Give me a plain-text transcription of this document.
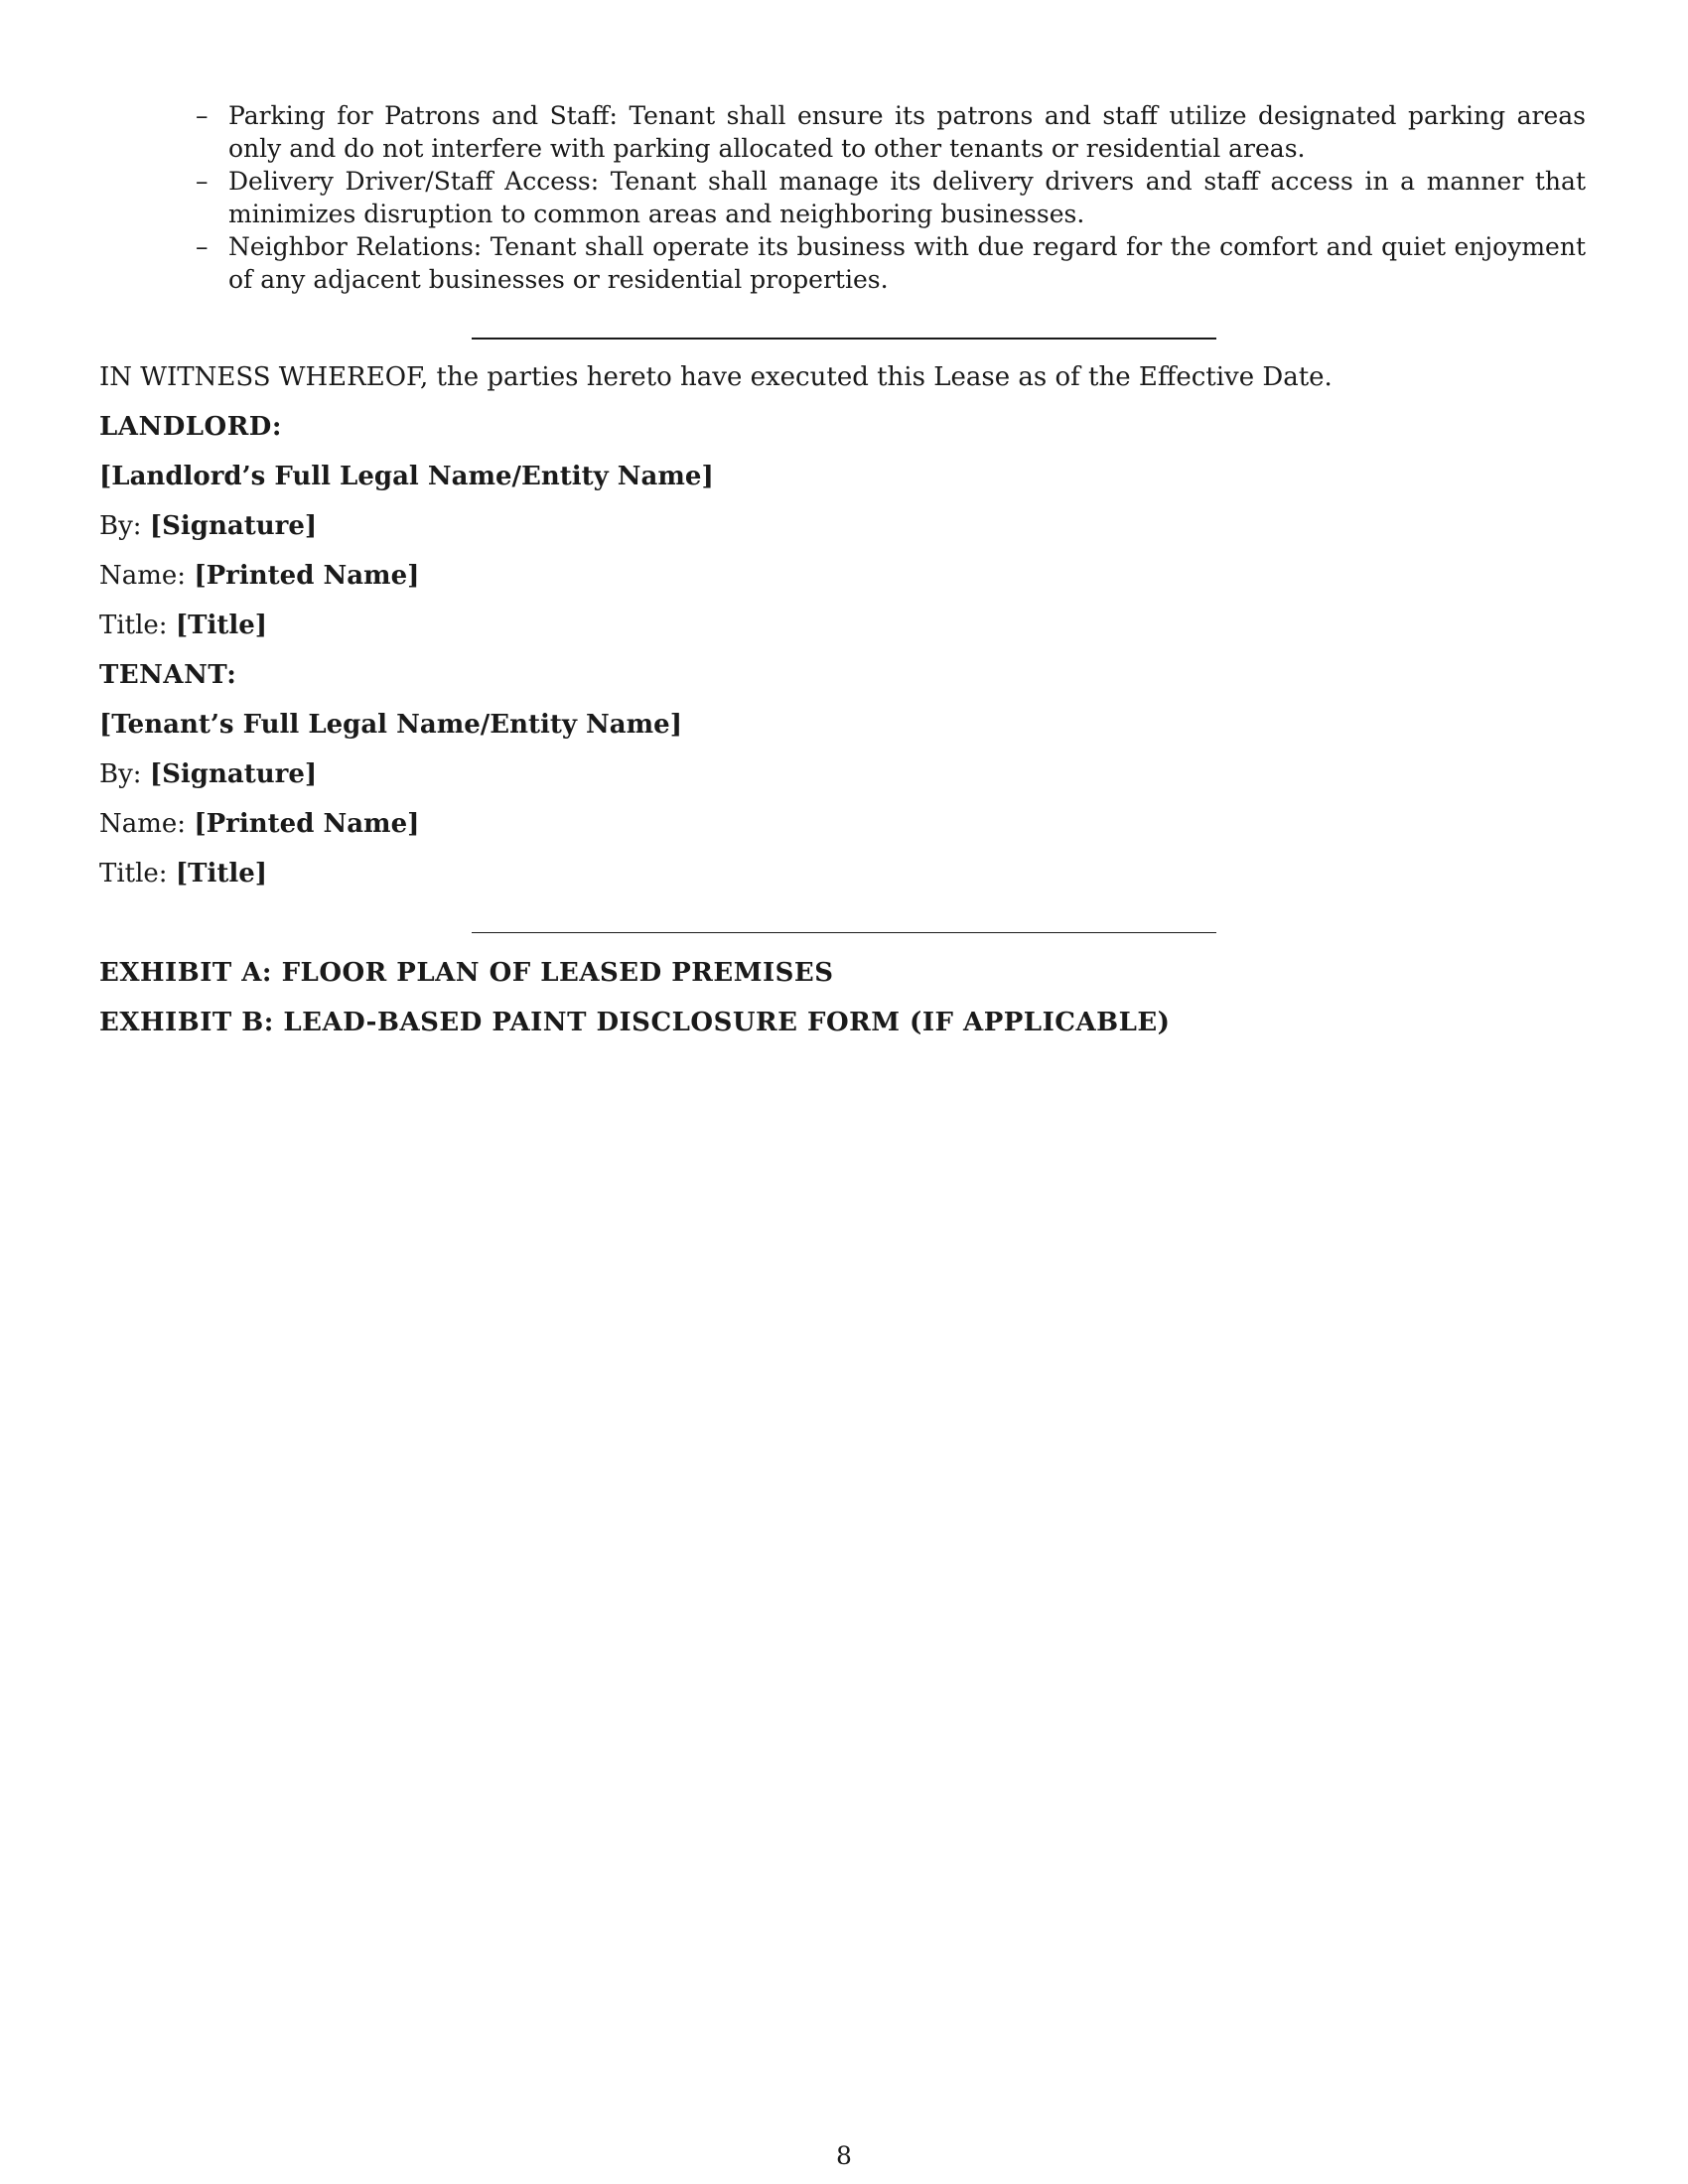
– Parking for Patrons and Staff: Tenant shall ensure its patrons and staff utilize designated parking areas only and do not interfere with parking allocated to other tenants or residential areas.
– Delivery Driver/Staff Access: Tenant shall manage its delivery drivers and staff access in a manner that minimizes disruption to common areas and neighboring businesses.
– Neighbor Relations: Tenant shall operate its business with due regard for the comfort and quiet enjoyment of any adjacent businesses or residential properties.
IN WITNESS WHEREOF, the parties hereto have executed this Lease as of the Effective Date.
LANDLORD:
[Landlord’s Full Legal Name/Entity Name]
By: [Signature]
Name: [Printed Name]
Title: [Title]
TENANT:
[Tenant’s Full Legal Name/Entity Name]
By: [Signature]
Name: [Printed Name]
Title: [Title]
EXHIBIT A: FLOOR PLAN OF LEASED PREMISES
EXHIBIT B: LEAD-BASED PAINT DISCLOSURE FORM (IF APPLICABLE)
8
